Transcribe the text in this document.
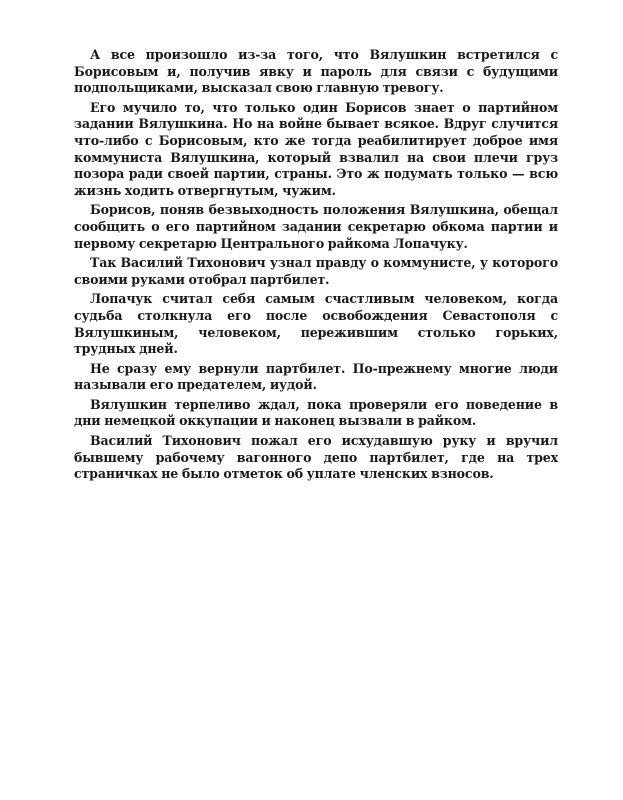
А все произошло из-за того, что Вялушкин встретился с Борисовым и, получив явку и пароль для связи с будущими подпольщиками, высказал свою главную тревогу.

Его мучило то, что только один Борисов знает о партийном задании Вялушкина. Но на войне бывает всякое. Вдруг случится что-либо с Борисовым, кто же тогда реабилитирует доброе имя коммуниста Вялушкина, который взвалил на свои плечи груз позора ради своей партии, страны. Это ж подумать только — всю жизнь ходить отвергнутым, чужим.

Борисов, поняв безвыходность положения Вялушкина, обещал сообщить о его партийном задании секретарю обкома партии и первому секретарю Центрального райкома Лопачуку.

Так Василий Тихонович узнал правду о коммунисте, у которого своими руками отобрал партбилет.

Лопачук считал себя самым счастливым человеком, когда судьба столкнула его после освобождения Севастополя с Вялушкиным, человеком, пережившим столько горьких, трудных дней.

Не сразу ему вернули партбилет. По-прежнему многие люди называли его предателем, иудой.

Вялушкин терпеливо ждал, пока проверяли его поведение в дни немецкой оккупации и наконец вызвали в райком.

Василий Тихонович пожал его исхудавшую руку и вручил бывшему рабочему вагонного депо партбилет, где на трех страничках не было отметок об уплате членских взносов.
